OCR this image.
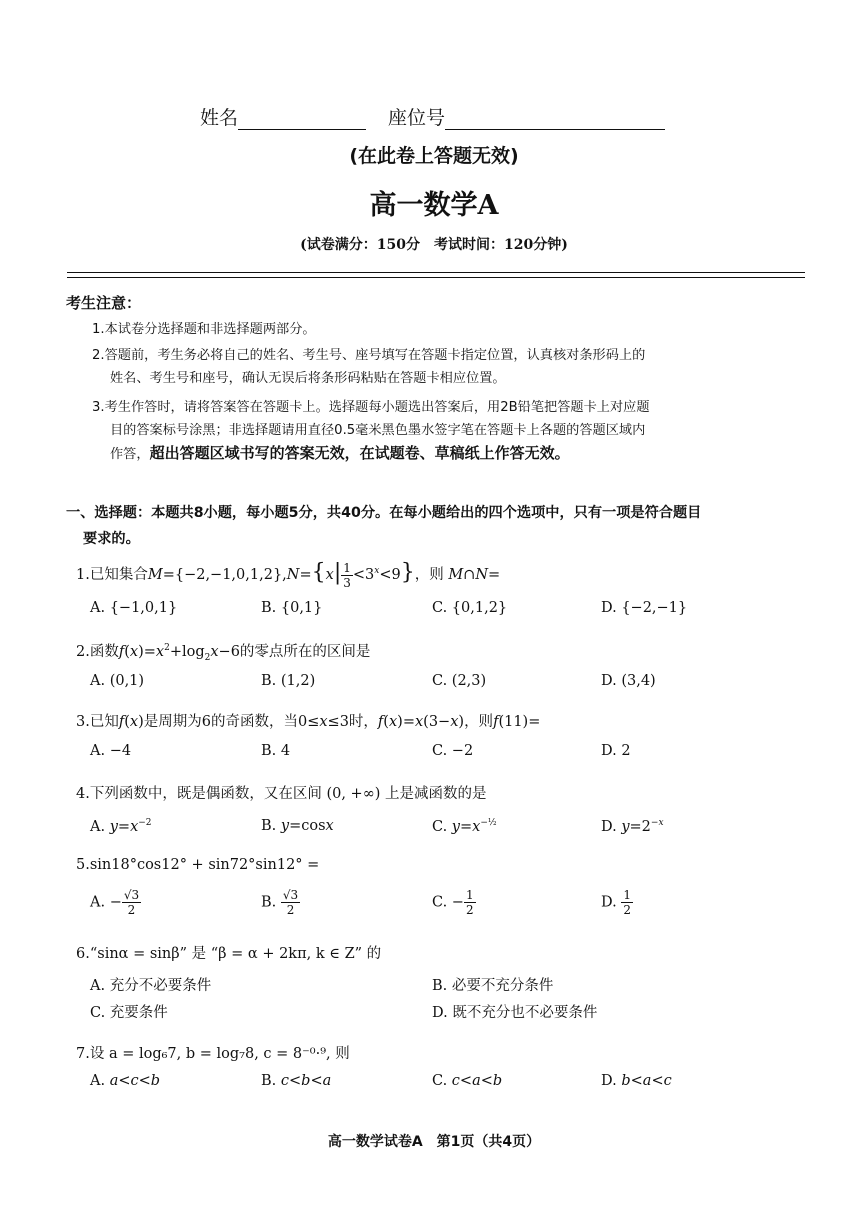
姓名	座位号
(在此卷上答题无效)
高一数学A
(试卷满分：150分　考试时间：120分钟)
考生注意：
1.本试卷分选择题和非选择题两部分。
2.答题前，考生务必将自己的姓名、考生号、座号填写在答题卡指定位置，认真核对条形码上的
姓名、考生号和座号，确认无误后将条形码粘贴在答题卡相应位置。
3.考生作答时，请将答案答在答题卡上。选择题每小题选出答案后，用2B铅笔把答题卡上对应题
目的答案标号涂黑；非选择题请用直径0.5毫米黑色墨水签字笔在答题卡上各题的答题区域内
作答，超出答题区域书写的答案无效，在试题卷、草稿纸上作答无效。
一、选择题：本题共8小题，每小题5分，共40分。在每小题给出的四个选项中，只有一项是符合题目
要求的。
1.已知集合$M=\{-2,-1,0,1,2\},N=\{x| \frac{1}{3} <3^x<9\}$，则 M∩N=
A. {−1,0,1}	B. {0,1}	C. {0,1,2}	D. {−2,−1}
2.函数$f(x)=x^2+\log_2x-6$的零点所在的区间是
A. (0,1)	B. (1,2)	C. (2,3)	D. (3,4)
3.已知f(x)是周期为6的奇函数，当0≤x≤3时，f(x)=x(3−x)，则f(11)=
A. −4	B. 4	C. −2	D. 2
4.下列函数中，既是偶函数，又在区间 (0, +∞) 上是减函数的是
A. $y=x^{-2}$	B. y=cosx	C. $y=x^{-\frac{1}{2}}$	D. $y=2^{-x}$
5.sin18°cos12° + sin72°sin12° =
A. − $\frac{√3}{2}$	B. $\frac{√3}{2}$	C. − $\frac{1}{2}$	D. $\frac{1}{2}$
6.“sinα = sinβ” 是 “β = α + 2kπ, k ∈ Z” 的
A. 充分不必要条件	B. 必要不充分条件
C. 充要条件	D. 既不充分也不必要条件
7.设 a = log₆7, b = log₇8, c = 8⁻⁰·⁹, 则
A. a<c<b	B. c<b<a	C. c<a<b	D. b<a<c
高一数学试卷A　第1页（共4页）
